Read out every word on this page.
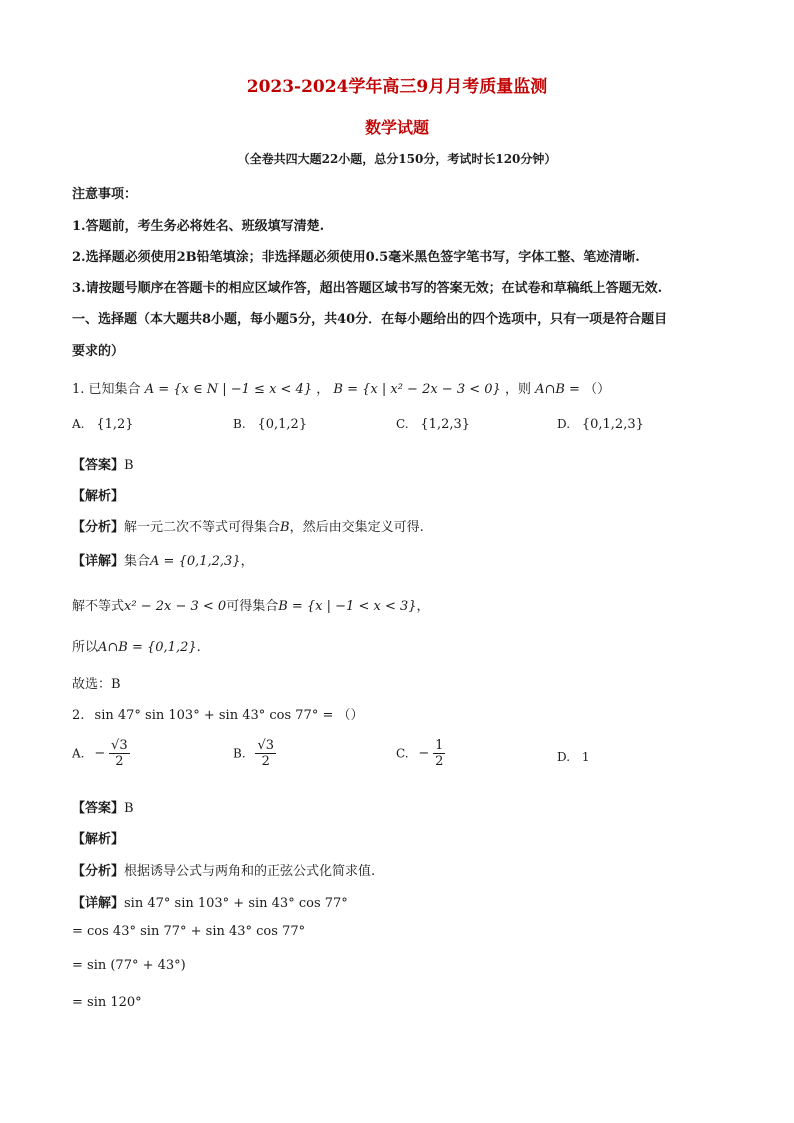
2023-2024学年高三9月月考质量监测
数学试题
（全卷共四大题22小题，总分150分，考试时长120分钟）
注意事项：
1.答题前，考生务必将姓名、班级填写清楚.
2.选择题必须使用2B铅笔填涂；非选择题必须使用0.5毫米黑色签字笔书写，字体工整、笔迹清晰.
3.请按题号顺序在答题卡的相应区域作答，超出答题区域书写的答案无效；在试卷和草稿纸上答题无效.
一、选择题（本大题共8小题，每小题5分，共40分．在每小题给出的四个选项中，只有一项是符合题目
要求的）
1. 已知集合 A = {x ∈ N | −1 ≤ x < 4} ， B = {x | x² − 2x − 3 < 0} ，则 A∩B = （）
A. {1,2}	B. {0,1,2}	C. {1,2,3}	D. {0,1,2,3}
【答案】B
【解析】
【分析】解一元二次不等式可得集合B，然后由交集定义可得.
【详解】集合A = {0,1,2,3}，
解不等式x² − 2x − 3 < 0可得集合B = {x | −1 < x < 3}，
所以A∩B = {0,1,2}.
故选：B
2. sin 47° sin 103° + sin 43° cos 77° = （）
A. − $\frac{√3}{2}$	B. $\frac{√3}{2}$	C. − $\frac{1}{2}$	D. 1
【答案】B
【解析】
【分析】根据诱导公式与两角和的正弦公式化简求值.
【详解】sin 47° sin 103° + sin 43° cos 77°
= cos 43° sin 77° + sin 43° cos 77°
= sin (77° + 43°)
= sin 120°
